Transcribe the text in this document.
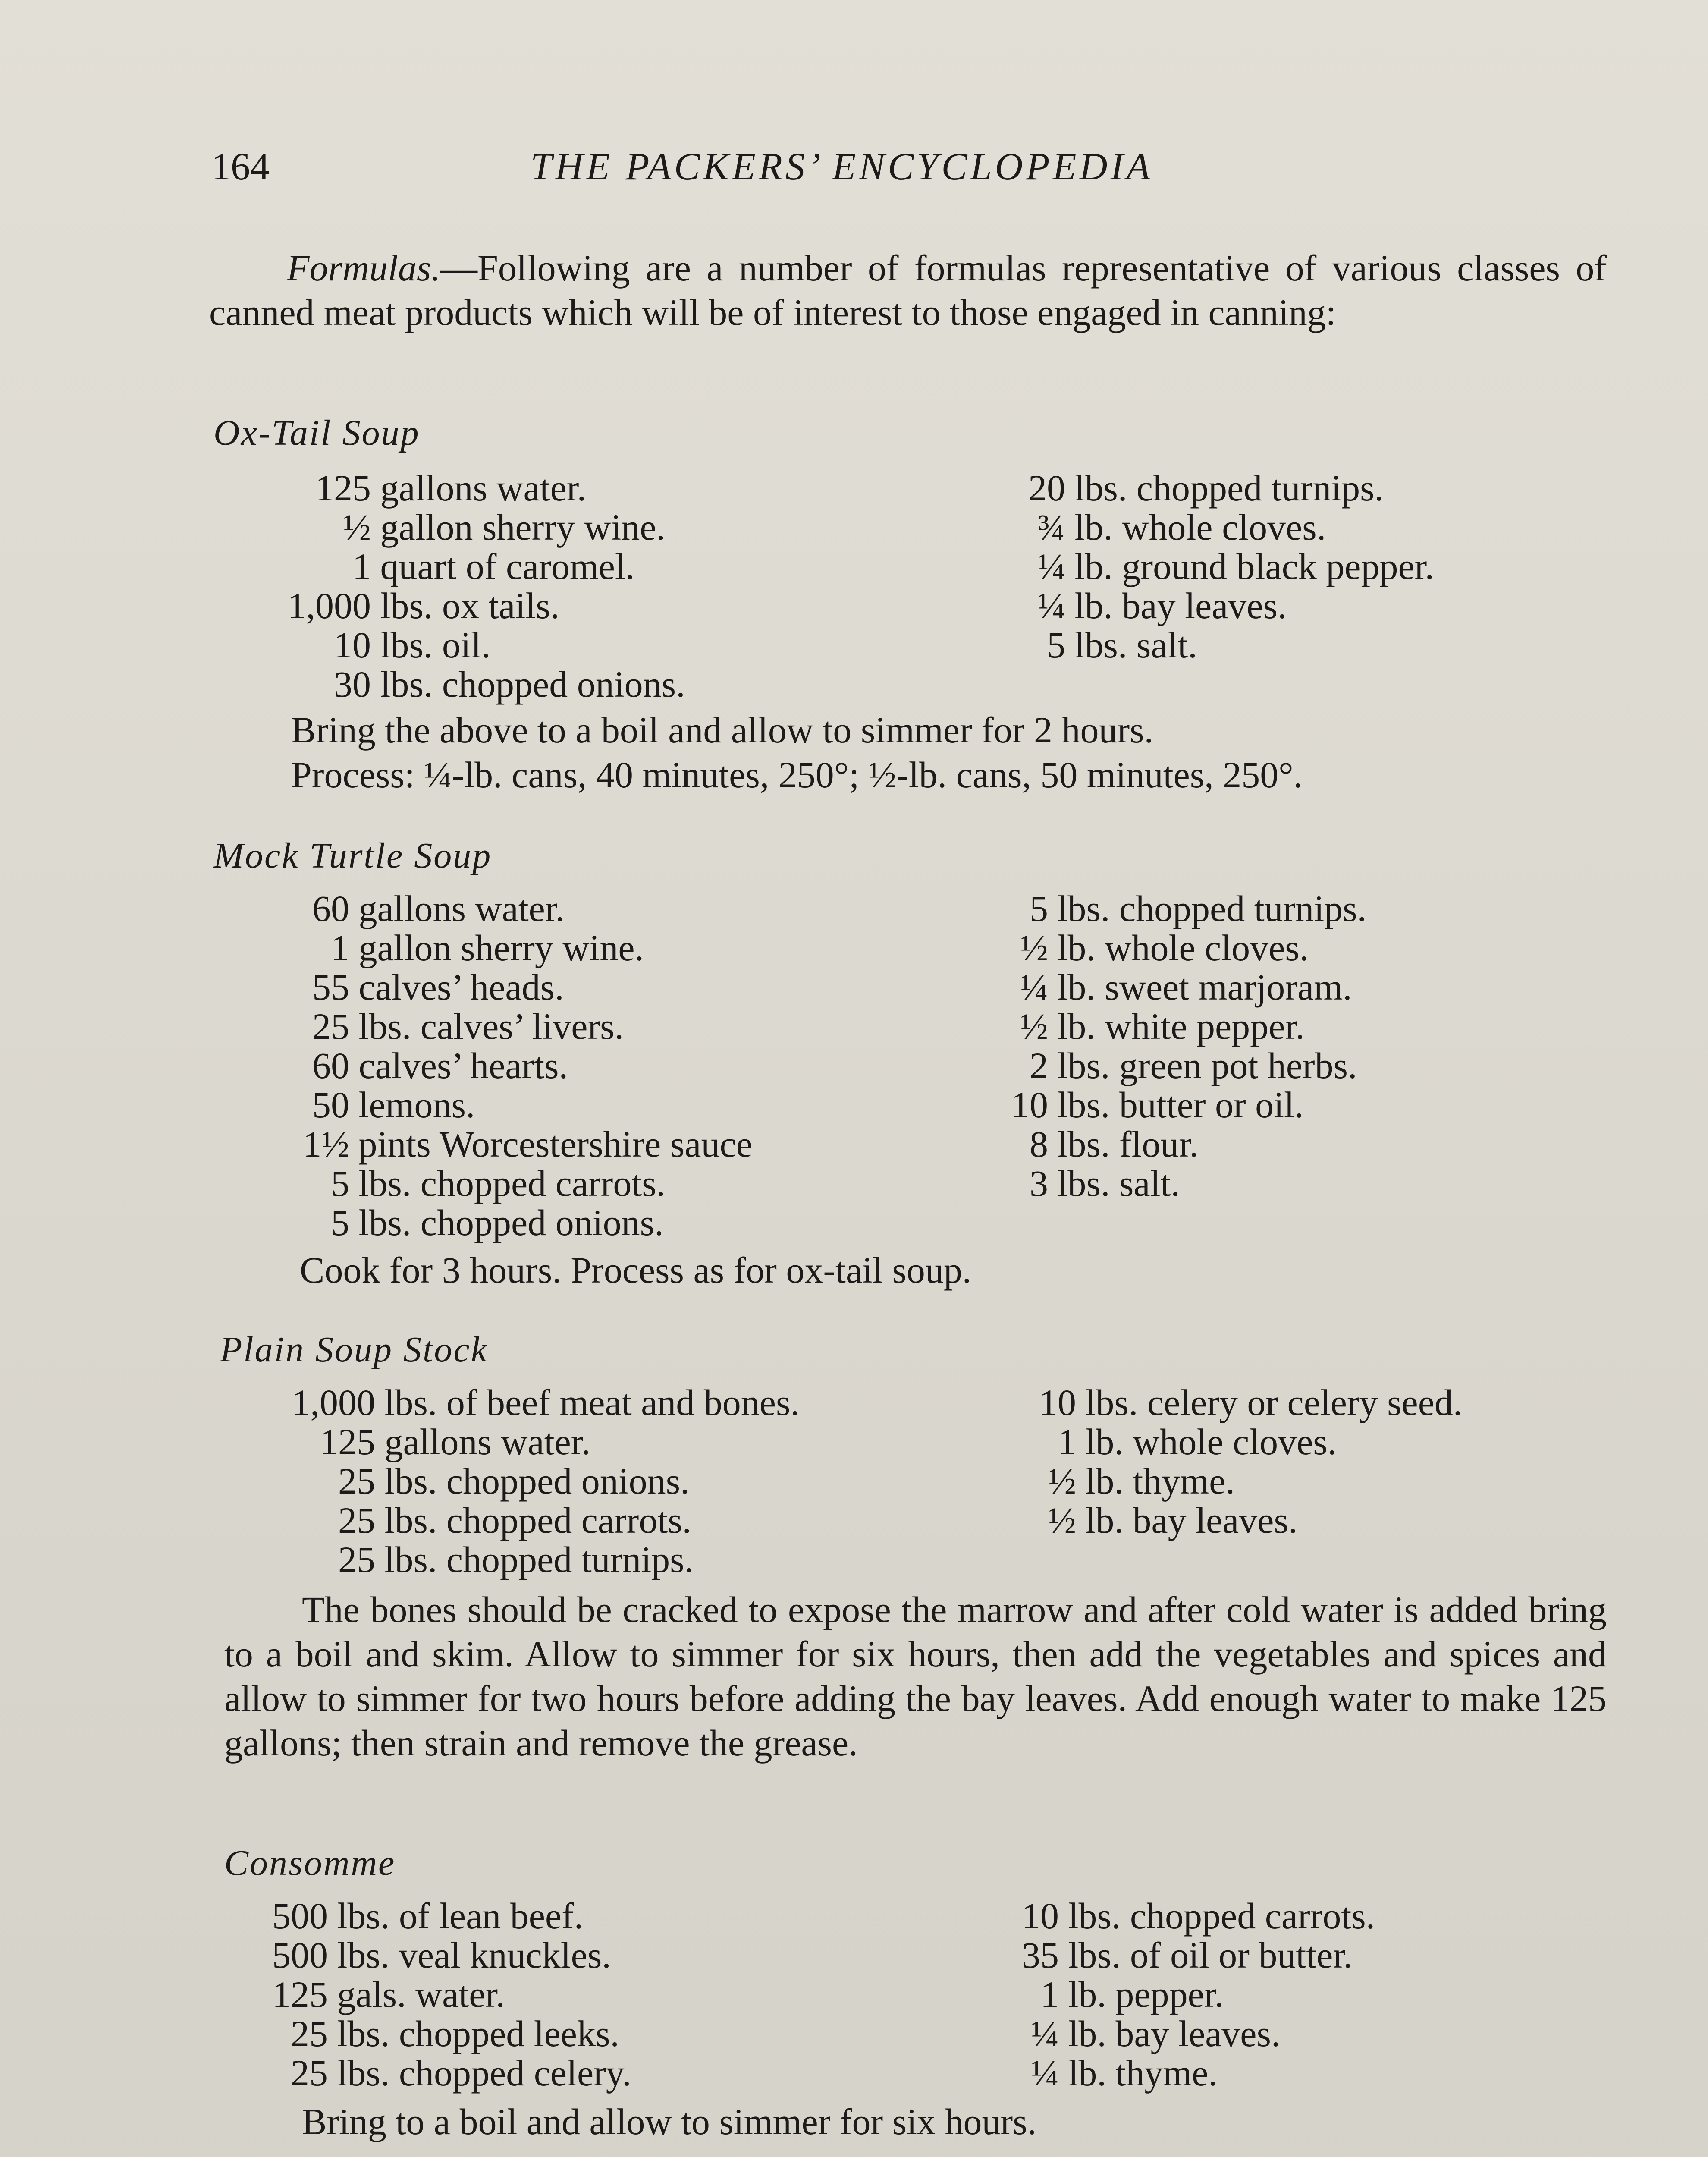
164	THE PACKERS’ ENCYCLOPEDIA
Formulas.—Following are a number of formulas representative of various classes of canned meat products which will be of interest to those engaged in canning:
Ox-Tail Soup
125 gallons water.
½ gallon sherry wine.
1 quart of caromel.
1,000 lbs. ox tails.
10 lbs. oil.
30 lbs. chopped onions.
20 lbs. chopped turnips.
¾ lb. whole cloves.
¼ lb. ground black pepper.
¼ lb. bay leaves.
5 lbs. salt.
Bring the above to a boil and allow to simmer for 2 hours.
Process: ¼-lb. cans, 40 minutes, 250°; ½-lb. cans, 50 minutes, 250°.
Mock Turtle Soup
60 gallons water.
1 gallon sherry wine.
55 calves’ heads.
25 lbs. calves’ livers.
60 calves’ hearts.
50 lemons.
1½ pints Worcestershire sauce
5 lbs. chopped carrots.
5 lbs. chopped onions.
5 lbs. chopped turnips.
½ lb. whole cloves.
¼ lb. sweet marjoram.
½ lb. white pepper.
2 lbs. green pot herbs.
10 lbs. butter or oil.
8 lbs. flour.
3 lbs. salt.
Cook for 3 hours. Process as for ox-tail soup.
Plain Soup Stock
1,000 lbs. of beef meat and bones.
125 gallons water.
25 lbs. chopped onions.
25 lbs. chopped carrots.
25 lbs. chopped turnips.
10 lbs. celery or celery seed.
1 lb. whole cloves.
½ lb. thyme.
½ lb. bay leaves.
The bones should be cracked to expose the marrow and after cold water is added bring to a boil and skim. Allow to simmer for six hours, then add the vegetables and spices and allow to simmer for two hours before adding the bay leaves. Add enough water to make 125 gallons; then strain and remove the grease.
Consomme
500 lbs. of lean beef.
500 lbs. veal knuckles.
125 gals. water.
25 lbs. chopped leeks.
25 lbs. chopped celery.
10 lbs. chopped carrots.
35 lbs. of oil or butter.
1 lb. pepper.
¼ lb. bay leaves.
¼ lb. thyme.
Bring to a boil and allow to simmer for six hours.
